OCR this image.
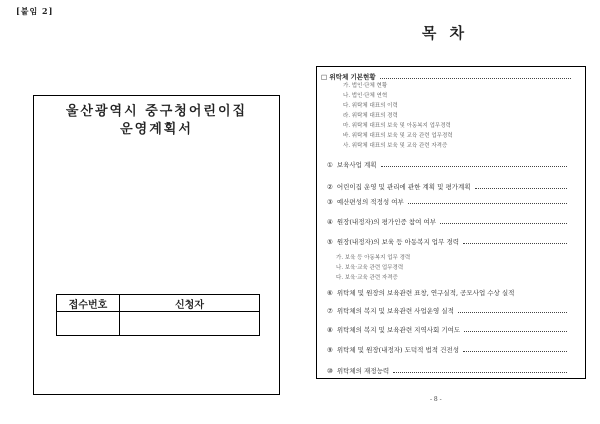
[붙임 2]
울산광역시 중구청어린이집
운영계획서
접수번호	신청자

목 차
□ 위탁체 기본현황
가. 법인·단체 현황
나. 법인·단체 연혁
다. 위탁체 대표의 이력
라. 위탁체 대표의 경력
마. 위탁체 대표의 보육 및 아동복지 업무경력
바. 위탁체 대표의 보육 및 교육 관련 업무경력
사. 위탁체 대표의 보육 및 교육 관련 자격증
① 보육사업 계획
② 어린이집 운영 및 관리에 관한 계획 및 평가계획
③ 예산편성의 적정성 여부
④ 원장(내정자)의 평가인증 참여 여부
⑤ 원장(내정자)의 보육 등 아동복지 업무 경력
가. 보육 등 아동복지 업무 경력
나. 보육·교육 관련 업무경력
다. 보육·교육 관련 자격증
⑥ 위탁체 및 원장의 보육관련 표창, 연구실적, 공모사업 수상 실적
⑦ 위탁체의 복지 및 보육관련 사업운영 실적
⑧ 위탁체의 복지 및 보육관련 지역사회 기여도
⑨ 위탁체 및 원장(내정자) 도덕적 법적 건전성
⑩ 위탁체의 재정능력
- 8 -
